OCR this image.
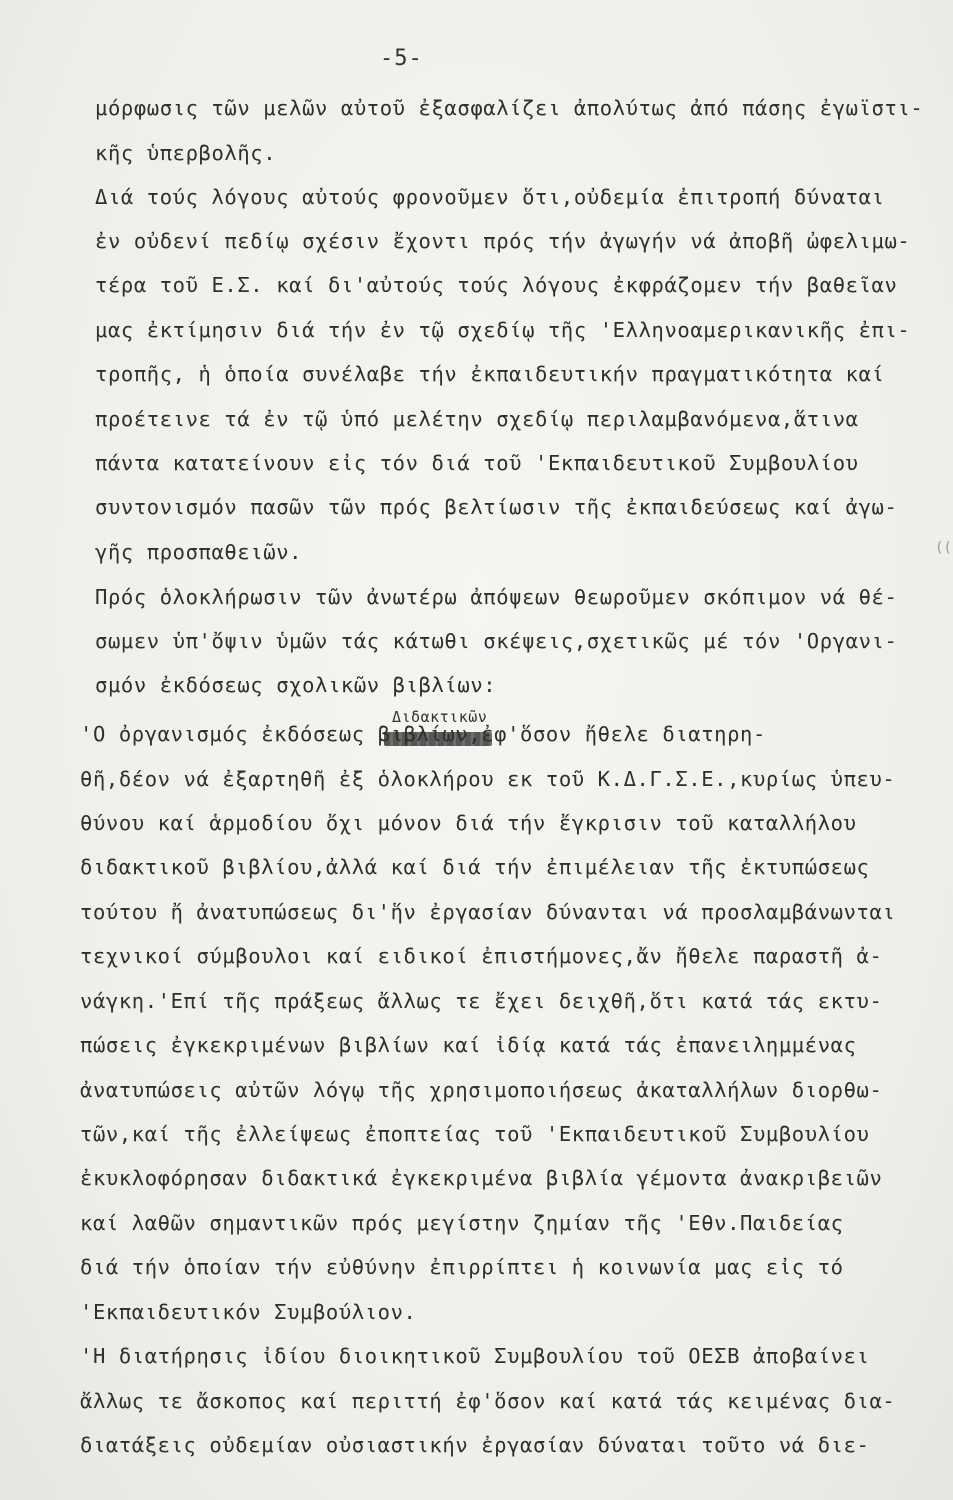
-5-
μόρφωσις τῶν μελῶν αὐτοῦ ἐξασφαλίζει ἀπολύτως ἀπό πάσης ἐγωϊστι-
κῆς ὑπερβολῆς.
Διά τούς λόγους αὐτούς φρονοῦμεν ὅτι,οὐδεμία ἐπιτροπή δύναται
ἐν οὐδενί πεδίῳ σχέσιν ἔχοντι πρός τήν ἀγωγήν νά ἀποβῆ ὠφελιμω-
τέρα τοῦ Ε.Σ. καί δι'αὐτούς τούς λόγους ἐκφράζομεν τήν βαθεῖαν
μας ἐκτίμησιν διά τήν ἐν τῷ σχεδίῳ τῆς 'Ελληνοαμερικανικῆς ἐπι-
τροπῆς, ἡ ὁποία συνέλαβε τήν ἐκπαιδευτικήν πραγματικότητα καί
προέτεινε τά ἐν τῷ ὑπό μελέτην σχεδίῳ περιλαμβανόμενα,ἅτινα
πάντα κατατείνουν εἰς τόν διά τοῦ 'Εκπαιδευτικοῦ Συμβουλίου
συντονισμόν πασῶν τῶν πρός βελτίωσιν τῆς ἐκπαιδεύσεως καί ἀγω-
γῆς προσπαθειῶν.
Πρός ὁλοκλήρωσιν τῶν ἀνωτέρω ἀπόψεων θεωροῦμεν σκόπιμον νά θέ-
σωμεν ὑπ'ὄψιν ὑμῶν τάς κάτωθι σκέψεις,σχετικῶς μέ τόν 'Οργανι-
σμόν ἐκδόσεως σχολικῶν βιβλίων:
Διδακτικῶν
'Ο ὀργανισμός ἐκδόσεως βιβλίων,ἐφ'ὅσον ἤθελε διατηρη-
θῆ,δέον νά ἐξαρτηθῆ ἐξ ὁλοκλήρου εκ τοῦ Κ.Δ.Γ.Σ.Ε.,κυρίως ὑπευ-
θύνου καί ἁρμοδίου ὄχι μόνον διά τήν ἔγκρισιν τοῦ καταλλήλου
διδακτικοῦ βιβλίου,ἀλλά καί διά τήν ἐπιμέλειαν τῆς ἐκτυπώσεως
τούτου ἤ ἀνατυπώσεως δι'ἥν ἐργασίαν δύνανται νά προσλαμβάνωνται
τεχνικοί σύμβουλοι καί ειδικοί ἐπιστήμονες,ἄν ἤθελε παραστῆ ἀ-
νάγκη.'Επί τῆς πράξεως ἄλλως τε ἔχει δειχθῆ,ὅτι κατά τάς εκτυ-
πώσεις ἐγκεκριμένων βιβλίων καί ἰδίᾳ κατά τάς ἐπανειλημμένας
ἀνατυπώσεις αὐτῶν λόγῳ τῆς χρησιμοποιήσεως ἀκαταλλήλων διορθω-
τῶν,καί τῆς ἐλλείψεως ἐποπτείας τοῦ 'Εκπαιδευτικοῦ Συμβουλίου
ἐκυκλοφόρησαν διδακτικά ἐγκεκριμένα βιβλία γέμοντα ἀνακριβειῶν
καί λαθῶν σημαντικῶν πρός μεγίστην ζημίαν τῆς 'Εθν.Παιδείας
διά τήν ὁποίαν τήν εὐθύνην ἐπιρρίπτει ἡ κοινωνία μας εἰς τό
'Εκπαιδευτικόν Συμβούλιον.
'Η διατήρησις ἰδίου διοικητικοῦ Συμβουλίου τοῦ ΟΕΣΒ ἀποβαίνει
ἄλλως τε ἄσκοπος καί περιττή ἐφ'ὅσον καί κατά τάς κειμένας δια-
διατάξεις οὐδεμίαν οὐσιαστικήν ἐργασίαν δύναται τοῦτο νά διε-
((
